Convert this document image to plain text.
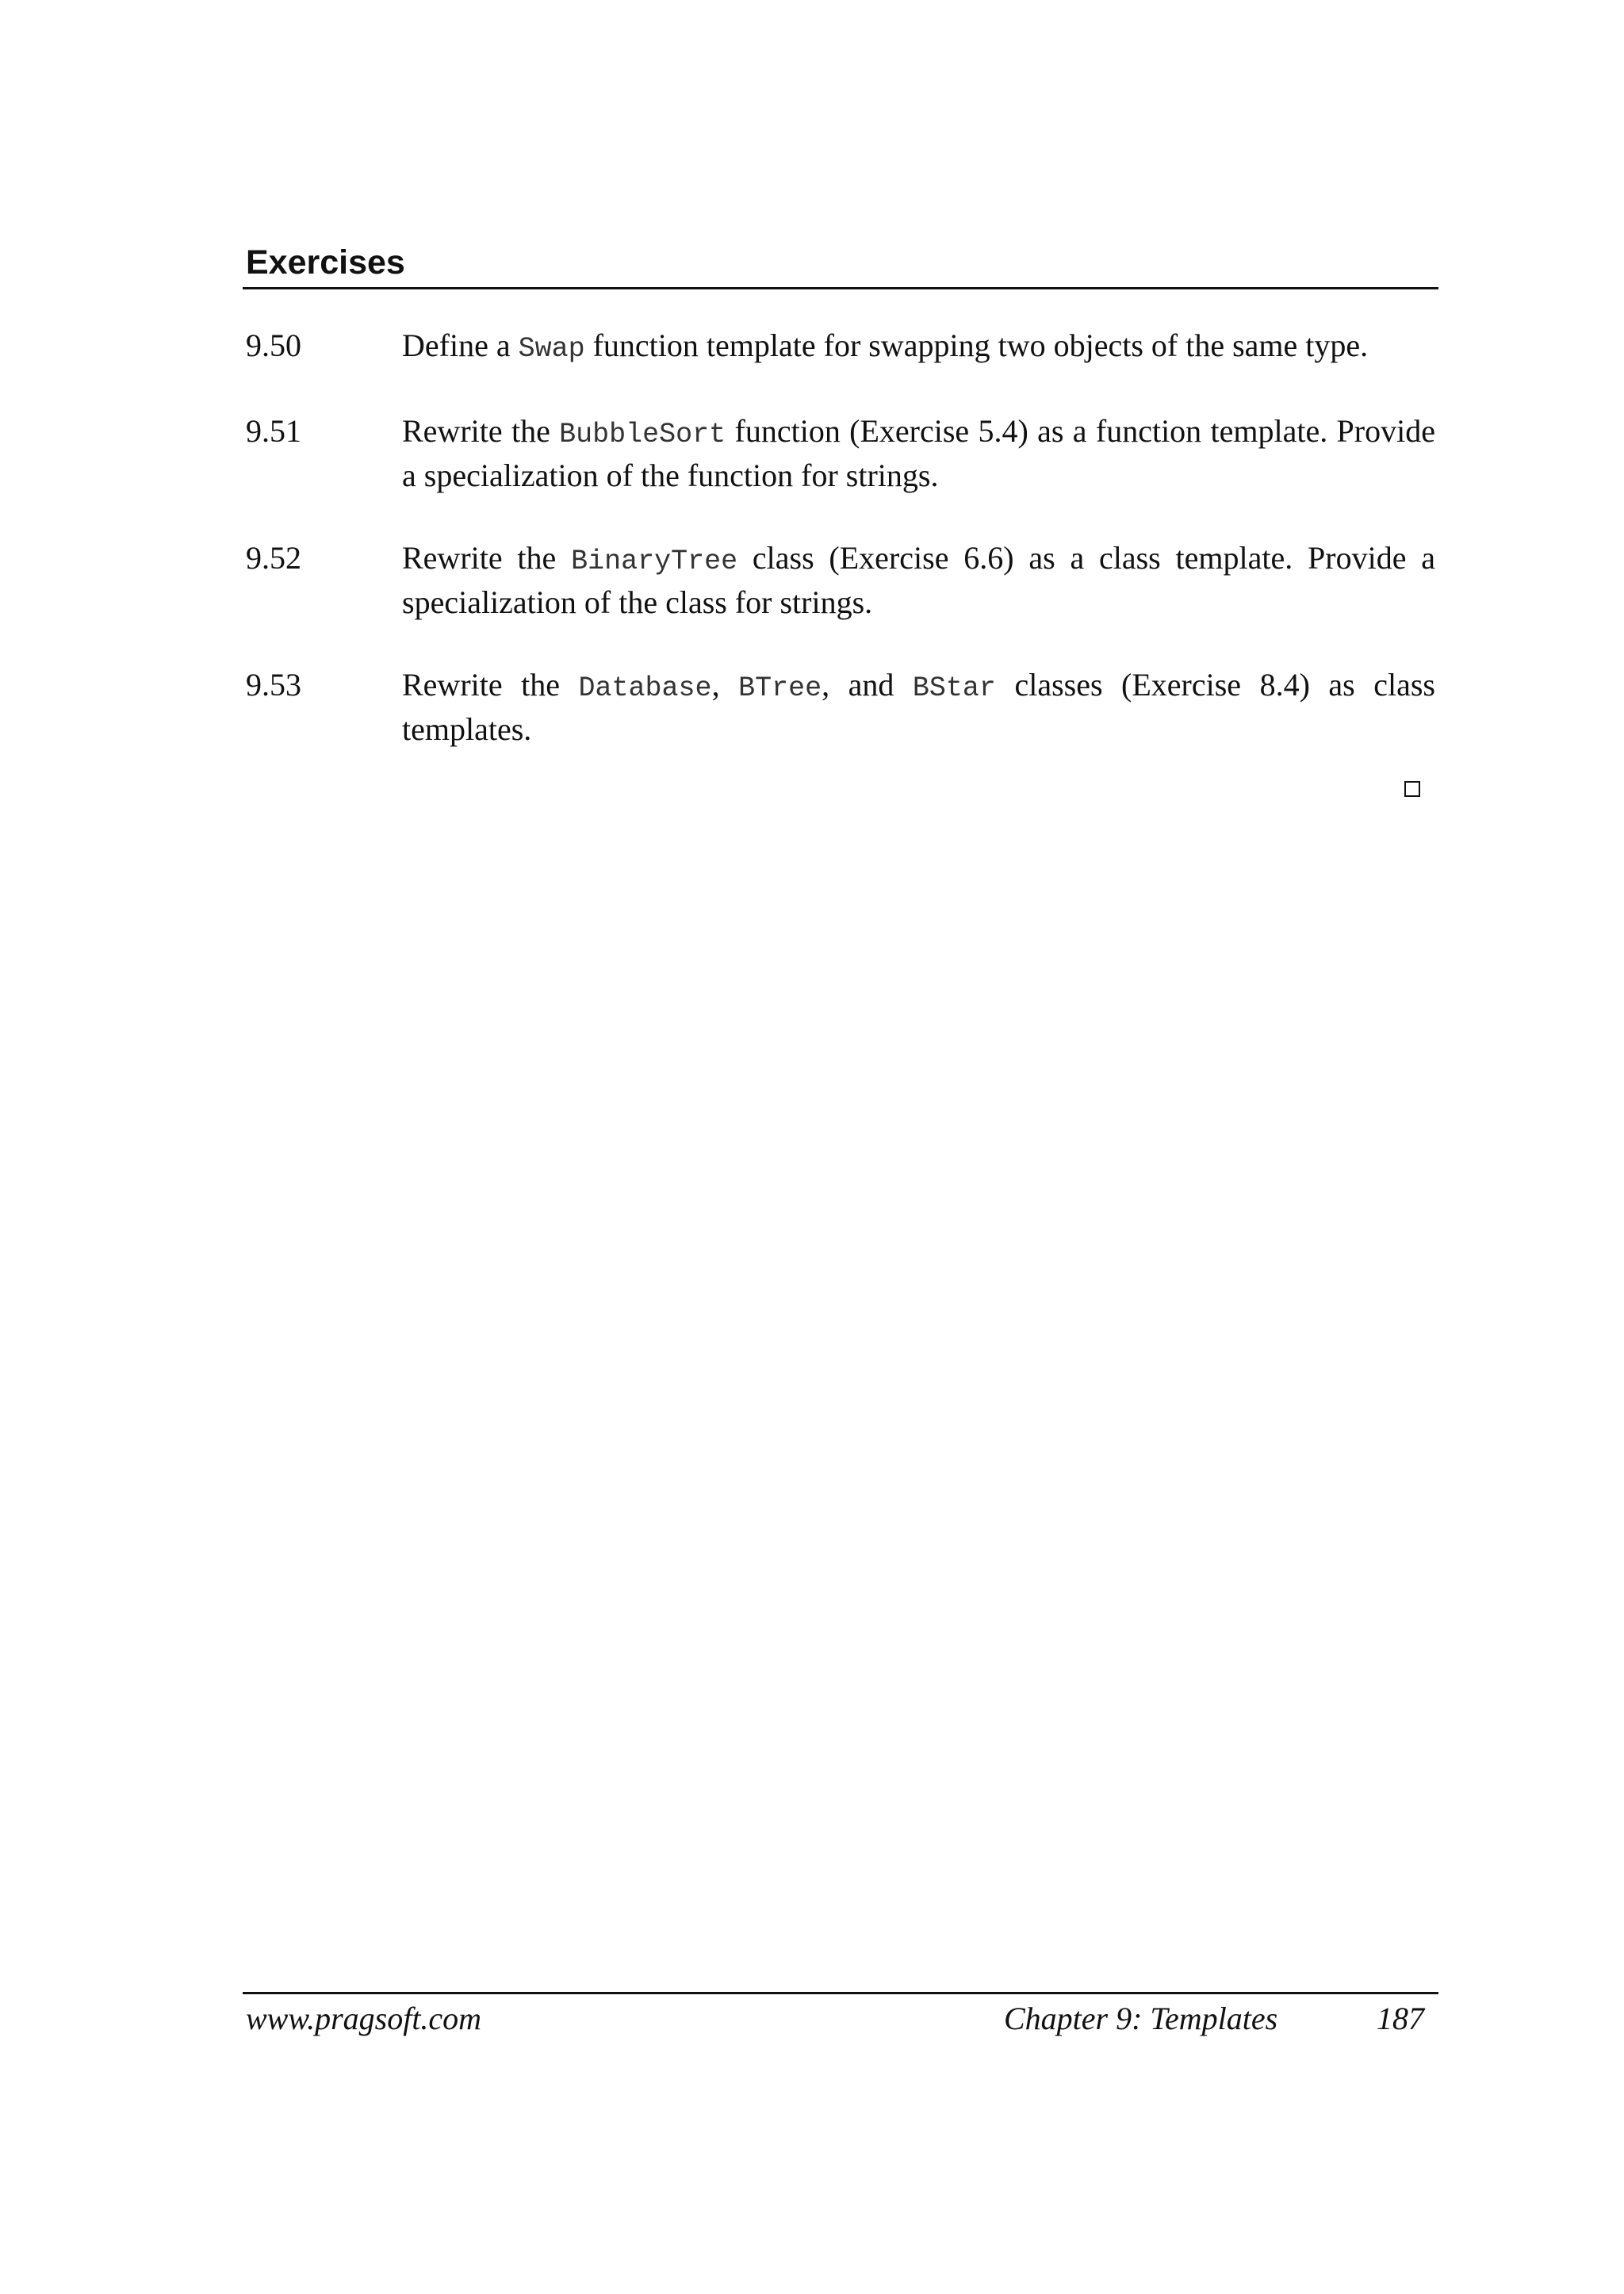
Exercises
9.50	Define a Swap function template for swapping two objects of the same type.
9.51	Rewrite the BubbleSort function (Exercise 5.4) as a function template. Provide a specialization of the function for strings.
9.52	Rewrite the BinaryTree class (Exercise 6.6) as a class template. Provide a specialization of the class for strings.
9.53	Rewrite the Database, BTree, and BStar classes (Exercise 8.4) as class templates.
www.pragsoft.com	Chapter 9: Templates	187
